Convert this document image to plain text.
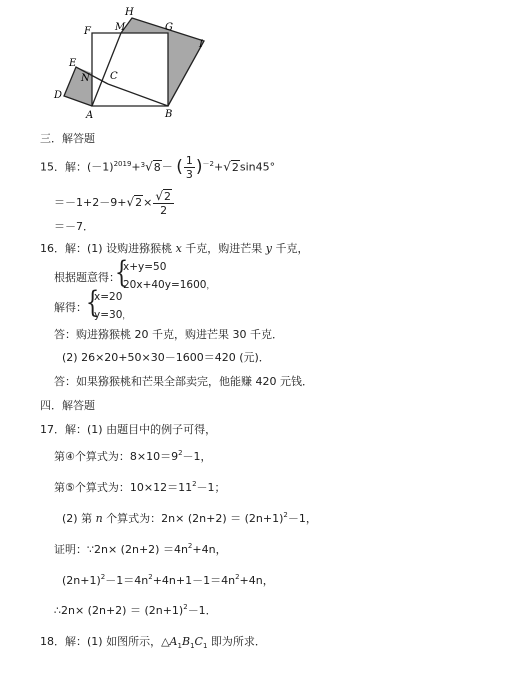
H
M	G
F
I
E
N C
D
A	B
三．解答题
15．解：$(-1)^{2019}+^3√8-$ ( $\frac{1}{3} )^{-2}+√2\sin 45^\circ$
$=-1+2-9+√2\times \frac{√2}{2}$
＝－7．
16．解：(1) 设购进猕猴桃 x 千克，购进芒果 y 千克，
根据题意得：
{
x+y=50
20x+40y=1600，
解得：
{
x=20
y=30，
答：购进猕猴桃 20 千克，购进芒果 30 千克．
(2) 26×20+50×30－1600＝420 (元)．
答：如果猕猴桃和芒果全部卖完，他能赚 420 元钱．
四．解答题
17．解：(1) 由题目中的例子可得，
第④个算式为：$8\times 10=9^2-1$，
第⑤个算式为：$10\times 12=11^2-1$；
(2) 第 n 个算式为：$2n\times (2n+2) = (2n+1)^2-1$，
证明：∵2n× $(2n+2) =4n^2+4n$，
$(2n+1)^2-1=4n^2+4n+1-1=4n^2+4n$，
∴2n× $(2n+2) = (2n+1)^2-1$．
18．解：(1) 如图所示，$\triangle A_1B_1C_1$ 即为所求．
